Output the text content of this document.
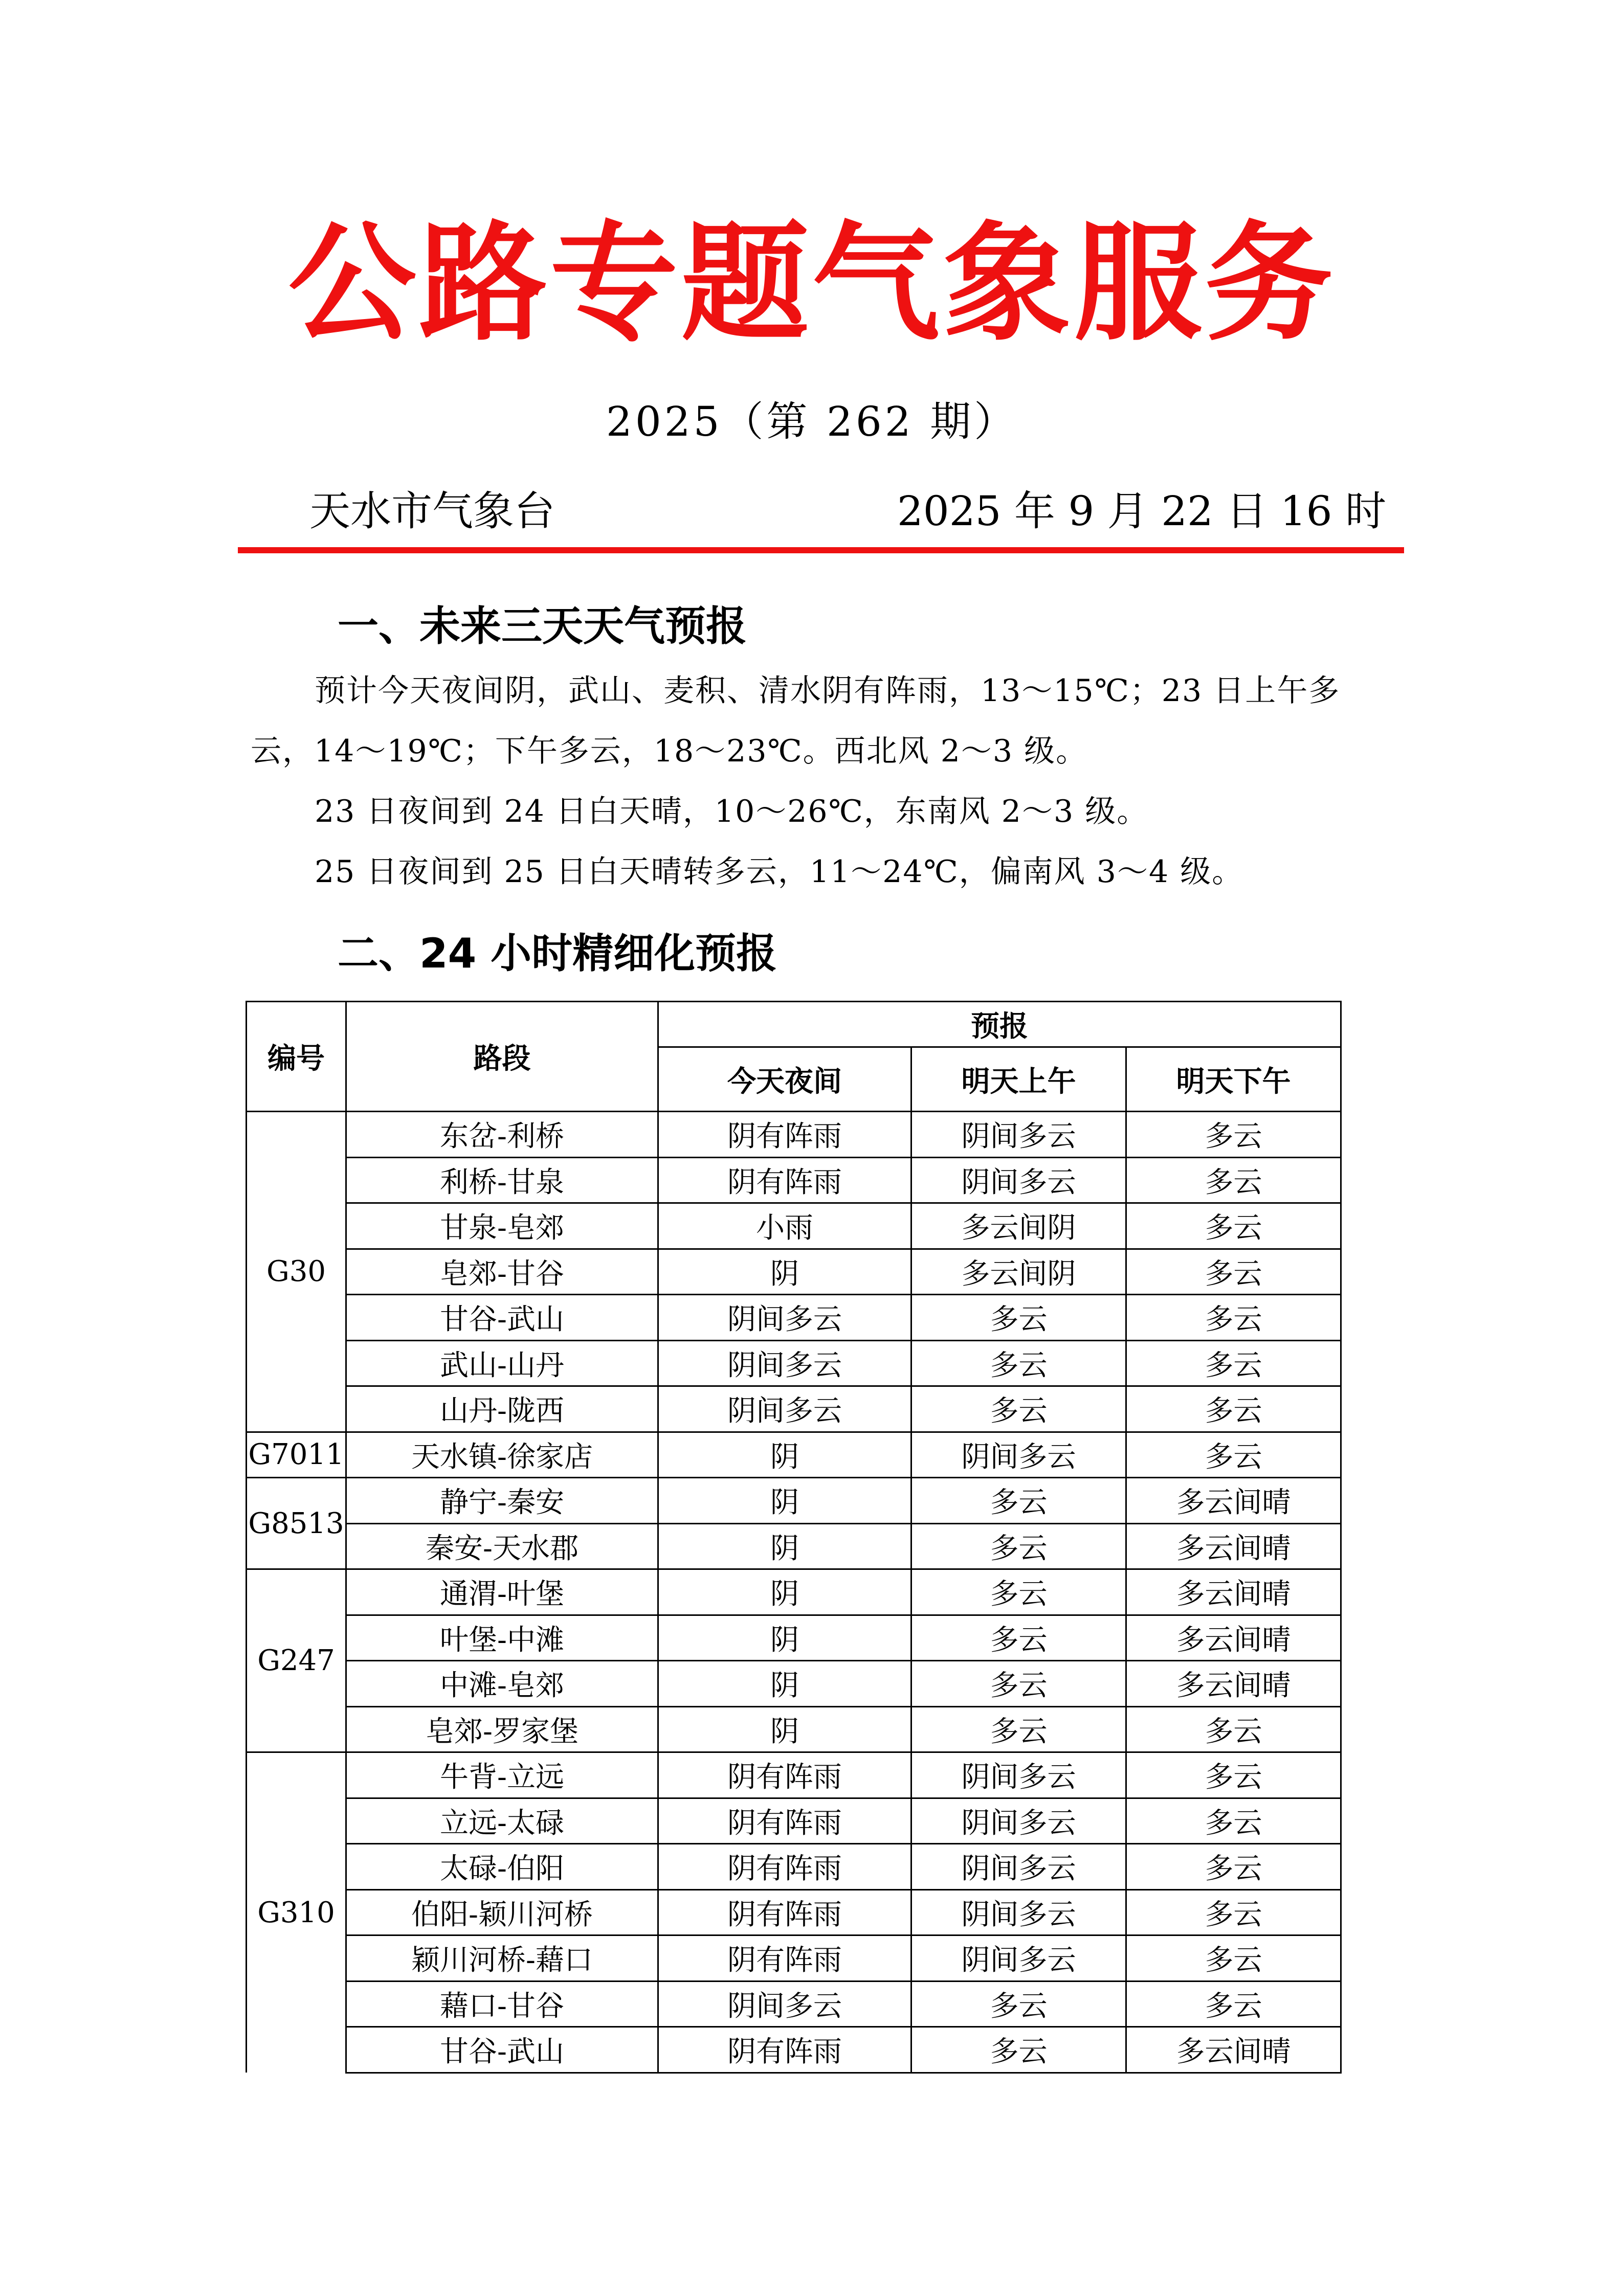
公路专题气象服务
2025（第 262 期）
天水市气象台	2025 年 9 月 22 日 16 时
一、未来三天天气预报

预计今天夜间阴，武山、麦积、清水阴有阵雨，13～15℃；23 日上午多云，14～19℃；下午多云，18～23℃。西北风 2～3 级。

23 日夜间到 24 日白天晴，10～26℃，东南风 2～3 级。

25 日夜间到 25 日白天晴转多云，11～24℃，偏南风 3～4 级。

二、24 小时精细化预报
编号	路段	预报		
		今天夜间	明天上午	明天下午
G30	东岔-利桥	阴有阵雨	阴间多云	多云
	利桥-甘泉	阴有阵雨	阴间多云	多云
	甘泉-皂郊	小雨	多云间阴	多云
	皂郊-甘谷	阴	多云间阴	多云
	甘谷-武山	阴间多云	多云	多云
	武山-山丹	阴间多云	多云	多云
	山丹-陇西	阴间多云	多云	多云
G7011	天水镇-徐家店	阴	阴间多云	多云
G8513	静宁-秦安	阴	多云	多云间晴
	秦安-天水郡	阴	多云	多云间晴
G247	通渭-叶堡	阴	多云	多云间晴
	叶堡-中滩	阴	多云	多云间晴
	中滩-皂郊	阴	多云	多云间晴
	皂郊-罗家堡	阴	多云	多云
G310	牛背-立远	阴有阵雨	阴间多云	多云
	立远-太碌	阴有阵雨	阴间多云	多云
	太碌-伯阳	阴有阵雨	阴间多云	多云
	伯阳-颖川河桥	阴有阵雨	阴间多云	多云
	颖川河桥-藉口	阴有阵雨	阴间多云	多云
	藉口-甘谷	阴间多云	多云	多云
	甘谷-武山	阴有阵雨	多云	多云间晴
